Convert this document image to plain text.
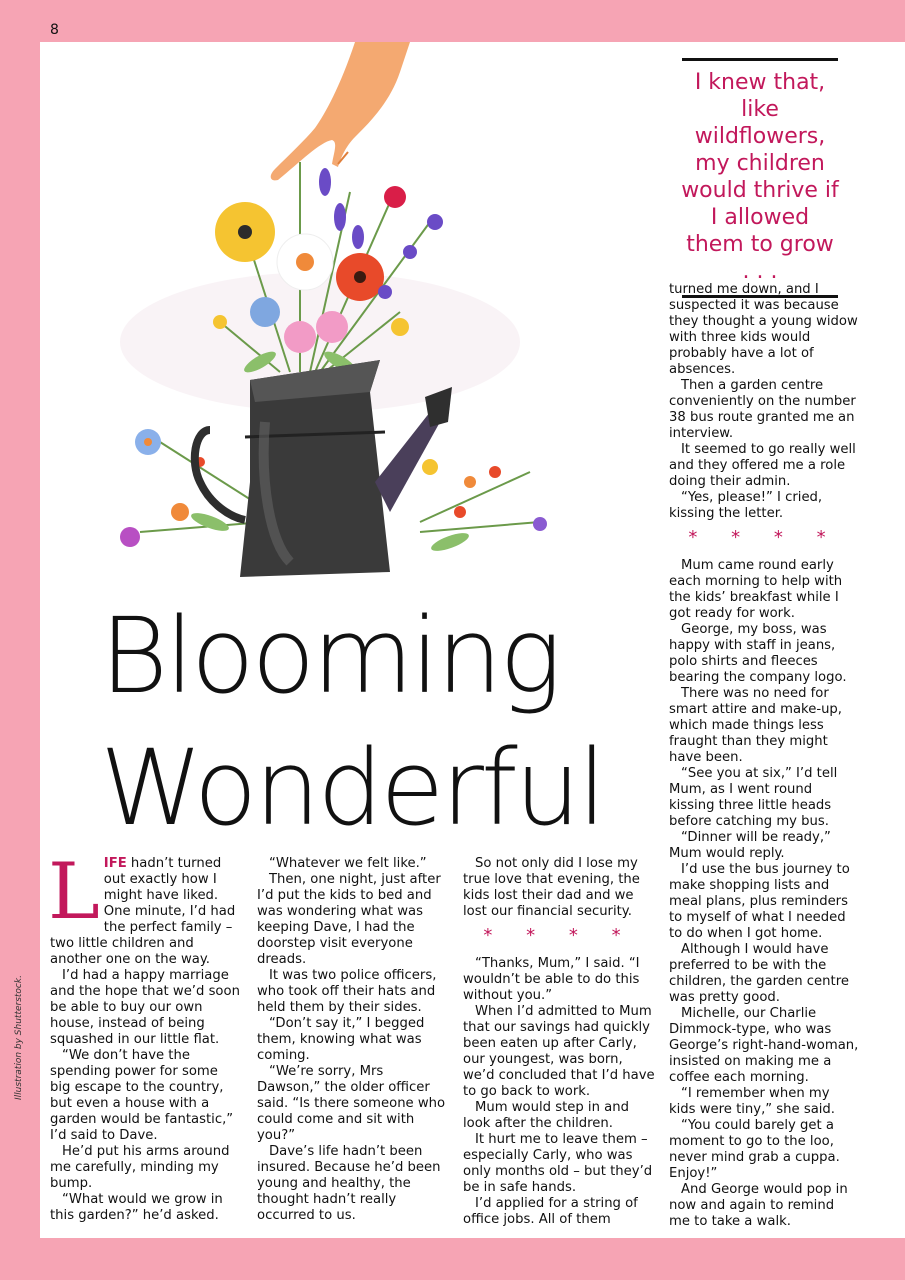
8
Illustration by Shutterstock.
I knew that, like wildflowers, my children would thrive if I allowed them to grow . . .
Blooming
Wonderful

LIFE hadn’t turned out exactly how I might have liked. One minute, I’d had the perfect family – two little children and another one on the way.

I’d had a happy marriage and the hope that we’d soon be able to buy our own house, instead of being squashed in our little flat.

“We don’t have the spending power for some big escape to the country, but even a house with a garden would be fantastic,” I’d said to Dave.

He’d put his arms around me carefully, minding my bump.

“What would we grow in this garden?” he’d asked.

“Whatever we felt like.”

Then, one night, just after I’d put the kids to bed and was wondering what was keeping Dave, I had the doorstep visit everyone dreads.

It was two police officers, who took off their hats and held them by their sides.

“Don’t say it,” I begged them, knowing what was coming.

“We’re sorry, Mrs Dawson,” the older officer said. “Is there someone who could come and sit with you?”

Dave’s life hadn’t been insured. Because he’d been young and healthy, the thought hadn’t really occurred to us.

So not only did I lose my true love that evening, the kids lost their dad and we lost our financial security.

* * * *

“Thanks, Mum,” I said. “I wouldn’t be able to do this without you.”

When I’d admitted to Mum that our savings had quickly been eaten up after Carly, our youngest, was born, we’d concluded that I’d have to go back to work.

Mum would step in and look after the children.

It hurt me to leave them – especially Carly, who was only months old – but they’d be in safe hands.

I’d applied for a string of office jobs. All of them

turned me down, and I suspected it was because they thought a young widow with three kids would probably have a lot of absences.

Then a garden centre conveniently on the number 38 bus route granted me an interview.

It seemed to go really well and they offered me a role doing their admin.

“Yes, please!” I cried, kissing the letter.

* * * *

Mum came round early each morning to help with the kids’ breakfast while I got ready for work.

George, my boss, was happy with staff in jeans, polo shirts and fleeces bearing the company logo.

There was no need for smart attire and make-up, which made things less fraught than they might have been.

“See you at six,” I’d tell Mum, as I went round kissing three little heads before catching my bus.

“Dinner will be ready,” Mum would reply.

I’d use the bus journey to make shopping lists and meal plans, plus reminders to myself of what I needed to do when I got home.

Although I would have preferred to be with the children, the garden centre was pretty good.

Michelle, our Charlie Dimmock-type, who was George’s right-hand-woman, insisted on making me a coffee each morning.

“I remember when my kids were tiny,” she said.

“You could barely get a moment to go to the loo, never mind grab a cuppa. Enjoy!”

And George would pop in now and again to remind me to take a walk.
